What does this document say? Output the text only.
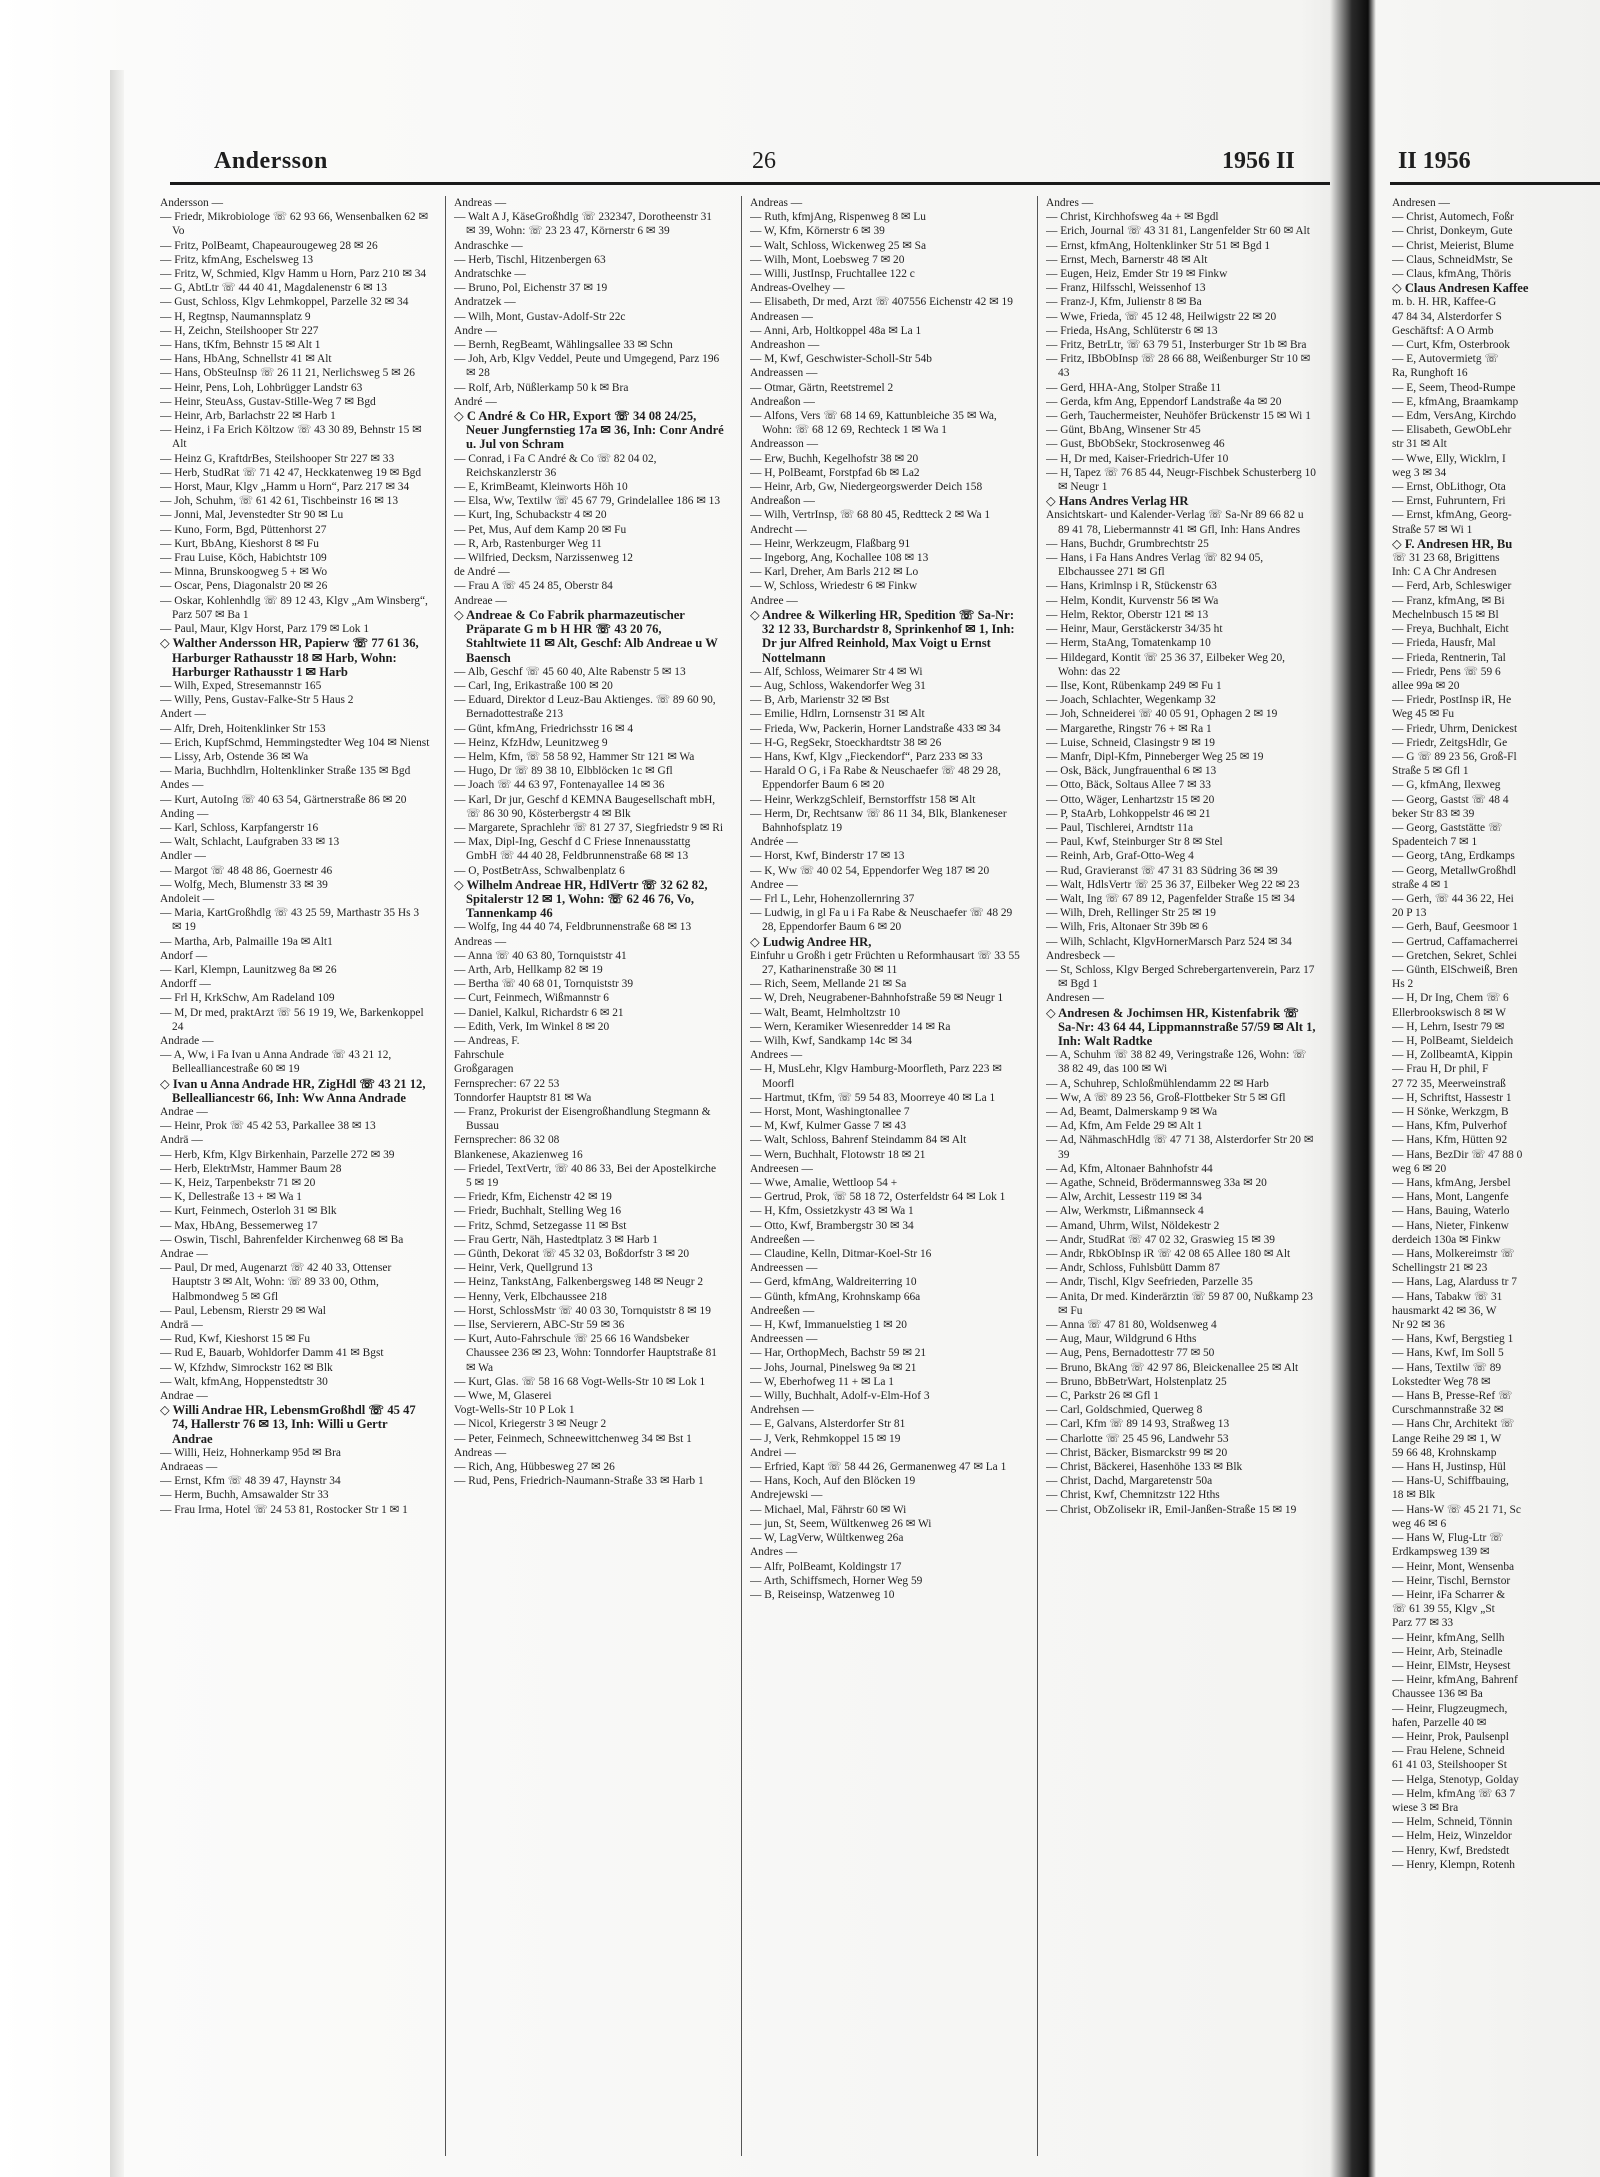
Andersson	26	1956 II

Andersson —

— Friedr, Mikrobiologe ☏ 62 93 66, Wensenbalken 62 ✉ Vo

— Fritz, PolBeamt, Chapeaurougeweg 28 ✉ 26

— Fritz, kfmAng, Eschelsweg 13

— Fritz, W, Schmied, Klgv Hamm u Horn, Parz 210 ✉ 34

— G, AbtLtr ☏ 44 40 41, Magdalenenstr 6 ✉ 13

— Gust, Schloss, Klgv Lehmkoppel, Parzelle 32 ✉ 34

— H, Regtnsp, Naumannsplatz 9

— H, Zeichn, Steilshooper Str 227

— Hans, tKfm, Behnstr 15 ✉ Alt 1

— Hans, HbAng, Schnellstr 41 ✉ Alt

— Hans, ObSteuInsp ☏ 26 11 21, Nerlichsweg 5 ✉ 26

— Heinr, Pens, Loh, Lohbrügger Landstr 63

— Heinr, SteuAss, Gustav-Stille-Weg 7 ✉ Bgd

— Heinr, Arb, Barlachstr 22 ✉ Harb 1

— Heinz, i Fa Erich Költzow ☏ 43 30 89, Behnstr 15 ✉ Alt

— Heinz G, KraftdrBes, Steilshooper Str 227 ✉ 33

— Herb, StudRat ☏ 71 42 47, Heckkatenweg 19 ✉ Bgd

— Horst, Maur, Klgv „Hamm u Horn“, Parz 217 ✉ 34

— Joh, Schuhm, ☏ 61 42 61, Tischbeinstr 16 ✉ 13

— Jonni, Mal, Jevenstedter Str 90 ✉ Lu

— Kuno, Form, Bgd, Püttenhorst 27

— Kurt, BbAng, Kieshorst 8 ✉ Fu

— Frau Luise, Köch, Habichtstr 109

— Minna, Brunskoogweg 5 + ✉ Wo

— Oscar, Pens, Diagonalstr 20 ✉ 26

— Oskar, Kohlenhdlg ☏ 89 12 43, Klgv „Am Winsberg“, Parz 507 ✉ Ba 1

— Paul, Maur, Klgv Horst, Parz 179 ✉ Lok 1

◇ Walther Andersson HR, Papierw ☏ 77 61 36, Harburger Rathausstr 18 ✉ Harb, Wohn: Harburger Rathausstr 1 ✉ Harb

— Wilh, Exped, Stresemannstr 165

— Willy, Pens, Gustav-Falke-Str 5 Haus 2

Andert —

— Alfr, Dreh, Hoitenklinker Str 153

— Erich, KupfSchmd, Hemmingstedter Weg 104 ✉ Nienst

— Lissy, Arb, Ostende 36 ✉ Wa

— Maria, Buchhdlrn, Holtenklinker Straße 135 ✉ Bgd

Andes —

— Kurt, AutoIng ☏ 40 63 54, Gärtnerstraße 86 ✉ 20

Anding —

— Karl, Schloss, Karpfangerstr 16

— Walt, Schlacht, Laufgraben 33 ✉ 13

Andler —

— Margot ☏ 48 48 86, Goernestr 46

— Wolfg, Mech, Blumenstr 33 ✉ 39

Andoleit —

— Maria, KartGroßhdlg ☏ 43 25 59, Marthastr 35 Hs 3 ✉ 19

— Martha, Arb, Palmaille 19a ✉ Alt1

Andorf —

— Karl, Klempn, Launitzweg 8a ✉ 26

Andorff —

— Frl H, KrkSchw, Am Radeland 109

— M, Dr med, praktArzt ☏ 56 19 19, We, Barkenkoppel 24

Andrade —

— A, Ww, i Fa Ivan u Anna Andrade ☏ 43 21 12, Bellealliancestraße 60 ✉ 19

◇ Ivan u Anna Andrade HR, ZigHdl ☏ 43 21 12, Bellealliancestr 66, Inh: Ww Anna Andrade

Andrae —

— Heinr, Prok ☏ 45 42 53, Parkallee 38 ✉ 13

Andrä —

— Herb, Kfm, Klgv Birkenhain, Parzelle 272 ✉ 39

— Herb, ElektrMstr, Hammer Baum 28

— K, Heiz, Tarpenbekstr 71 ✉ 20

— K, Dellestraße 13 + ✉ Wa 1

— Kurt, Feinmech, Osterloh 31 ✉ Blk

— Max, HbAng, Bessemerweg 17

— Oswin, Tischl, Bahrenfelder Kirchenweg 68 ✉ Ba

Andrae —

— Paul, Dr med, Augenarzt ☏ 42 40 33, Ottenser Hauptstr 3 ✉ Alt, Wohn: ☏ 89 33 00, Othm, Halbmondweg 5 ✉ Gfl

— Paul, Lebensm, Rierstr 29 ✉ Wal

Andrä —

— Rud, Kwf, Kieshorst 15 ✉ Fu

— Rud E, Bauarb, Wohldorfer Damm 41 ✉ Bgst

— W, Kfzhdw, Simrockstr 162 ✉ Blk

— Walt, kfmAng, Hoppenstedtstr 30

Andrae —

◇ Willi Andrae HR, LebensmGroßhdl ☏ 45 47 74, Hallerstr 76 ✉ 13, Inh: Willi u Gertr Andrae

— Willi, Heiz, Hohnerkamp 95d ✉ Bra

Andraeas —

— Ernst, Kfm ☏ 48 39 47, Haynstr 34

— Herm, Buchh, Amsawalder Str 33

— Frau Irma, Hotel ☏ 24 53 81, Rostocker Str 1 ✉ 1

Andreas —

— Walt A J, KäseGroßhdlg ☏ 232347, Dorotheenstr 31 ✉ 39, Wohn: ☏ 23 23 47, Körnerstr 6 ✉ 39

Andraschke —

— Herb, Tischl, Hitzenbergen 63

Andratschke —

— Bruno, Pol, Eichenstr 37 ✉ 19

Andratzek —

— Wilh, Mont, Gustav-Adolf-Str 22c

Andre —

— Bernh, RegBeamt, Wählingsallee 33 ✉ Schn

— Joh, Arb, Klgv Veddel, Peute und Umgegend, Parz 196 ✉ 28

— Rolf, Arb, Nüßlerkamp 50 k ✉ Bra

André —

◇ C André & Co HR, Export ☏ 34 08 24/25, Neuer Jungfernstieg 17a ✉ 36, Inh: Conr André u. Jul von Schram

— Conrad, i Fa C André & Co ☏ 82 04 02, Reichskanzlerstr 36

— E, KrimBeamt, Kleinworts Höh 10

— Elsa, Ww, Textilw ☏ 45 67 79, Grindelallee 186 ✉ 13

— Kurt, Ing, Schubackstr 4 ✉ 20

— Pet, Mus, Auf dem Kamp 20 ✉ Fu

— R, Arb, Rastenburger Weg 11

— Wilfried, Decksm, Narzissenweg 12

de André —

— Frau A ☏ 45 24 85, Oberstr 84

Andreae —

◇ Andreae & Co Fabrik pharmazeutischer Präparate G m b H HR ☏ 43 20 76, Stahltwiete 11 ✉ Alt, Geschf: Alb Andreae u W Baensch

— Alb, Geschf ☏ 45 60 40, Alte Rabenstr 5 ✉ 13

— Carl, Ing, Erikastraße 100 ✉ 20

— Eduard, Direktor d Leuz-Bau Aktienges. ☏ 89 60 90, Bernadottestraße 213

— Günt, kfmAng, Friedrichsstr 16 ✉ 4

— Heinz, KfzHdw, Leunitzweg 9

— Helm, Kfm, ☏ 58 58 92, Hammer Str 121 ✉ Wa

— Hugo, Dr ☏ 89 38 10, Elbblöcken 1c ✉ Gfl

— Joach ☏ 44 63 97, Fontenayallee 14 ✉ 36

— Karl, Dr jur, Geschf d KEMNA Baugesellschaft mbH, ☏ 86 30 90, Kösterbergstr 4 ✉ Blk

— Margarete, Sprachlehr ☏ 81 27 37, Siegfriedstr 9 ✉ Ri

— Max, Dipl-Ing, Geschf d C Friese Innenausstattg GmbH ☏ 44 40 28, Feldbrunnenstraße 68 ✉ 13

— O, PostBetrAss, Schwalbenplatz 6

◇ Wilhelm Andreae HR, HdlVertr ☏ 32 62 82, Spitalerstr 12 ✉ 1, Wohn: ☏ 62 46 76, Vo, Tannenkamp 46

— Wolfg, Ing 44 40 74, Feldbrunnenstraße 68 ✉ 13

Andreas —

— Anna ☏ 40 63 80, Tornquiststr 41

— Arth, Arb, Hellkamp 82 ✉ 19

— Bertha ☏ 40 68 01, Tornquiststr 39

— Curt, Feinmech, Wißmannstr 6

— Daniel, Kalkul, Richardstr 6 ✉ 21

— Edith, Verk, Im Winkel 8 ✉ 20

— Andreas, F.

Fahrschule

Großgaragen

Fernsprecher: 67 22 53

Tonndorfer Hauptstr 81 ✉ Wa

— Franz, Prokurist der Eisengroßhandlung Stegmann & Bussau

Fernsprecher: 86 32 08

Blankenese, Akazienweg 16

— Friedel, TextVertr, ☏ 40 86 33, Bei der Apostelkirche 5 ✉ 19

— Friedr, Kfm, Eichenstr 42 ✉ 19

— Friedr, Buchhalt, Stelling Weg 16

— Fritz, Schmd, Setzegasse 11 ✉ Bst

— Frau Gertr, Näh, Hastedtplatz 3 ✉ Harb 1

— Günth, Dekorat ☏ 45 32 03, Boßdorfstr 3 ✉ 20

— Heinr, Verk, Quellgrund 13

— Heinz, TankstAng, Falkenbergsweg 148 ✉ Neugr 2

— Henny, Verk, Elbchaussee 218

— Horst, SchlossMstr ☏ 40 03 30, Tornquiststr 8 ✉ 19

— Ilse, Servierern, ABC-Str 59 ✉ 36

— Kurt, Auto-Fahrschule ☏ 25 66 16 Wandsbeker Chaussee 236 ✉ 23, Wohn: Tonndorfer Hauptstraße 81 ✉ Wa

— Kurt, Glas. ☏ 58 16 68 Vogt-Wells-Str 10 ✉ Lok 1

— Wwe, M, Glaserei

Vogt-Wells-Str 10 P Lok 1

— Nicol, Kriegerstr 3 ✉ Neugr 2

— Peter, Feinmech, Schneewittchenweg 34 ✉ Bst 1

Andreas —

— Rich, Ang, Hübbesweg 27 ✉ 26

— Rud, Pens, Friedrich-Naumann-Straße 33 ✉ Harb 1

Andreas —

— Ruth, kfmjAng, Rispenweg 8 ✉ Lu

— W, Kfm, Körnerstr 6 ✉ 39

— Walt, Schloss, Wickenweg 25 ✉ Sa

— Wilh, Mont, Loebsweg 7 ✉ 20

— Willi, JustInsp, Fruchtallee 122 c

Andreas-Ovelhey —

— Elisabeth, Dr med, Arzt ☏ 407556 Eichenstr 42 ✉ 19

Andreasen —

— Anni, Arb, Holtkoppel 48a ✉ La 1

Andreashon —

— M, Kwf, Geschwister-Scholl-Str 54b

Andreassen —

— Otmar, Gärtn, Reetstremel 2

Andreaßon —

— Alfons, Vers ☏ 68 14 69, Kattunbleiche 35 ✉ Wa, Wohn: ☏ 68 12 69, Rechteck 1 ✉ Wa 1

Andreasson —

— Erw, Buchh, Kegelhofstr 38 ✉ 20

— H, PolBeamt, Forstpfad 6b ✉ La2

— Heinr, Arb, Gw, Niedergeorgswerder Deich 158

Andreaßon —

— Wilh, VertrInsp, ☏ 68 80 45, Redtteck 2 ✉ Wa 1

Andrecht —

— Heinr, Werkzeugm, Flaßbarg 91

— Ingeborg, Ang, Kochallee 108 ✉ 13

— Karl, Dreher, Am Barls 212 ✉ Lo

— W, Schloss, Wriedestr 6 ✉ Finkw

Andree —

◇ Andree & Wilkerling HR, Spedition ☏ Sa-Nr: 32 12 33, Burchardstr 8, Sprinkenhof ✉ 1, Inh: Dr jur Alfred Reinhold, Max Voigt u Ernst Nottelmann

— Alf, Schloss, Weimarer Str 4 ✉ Wi

— Aug, Schloss, Wakendorfer Weg 31

— B, Arb, Marienstr 32 ✉ Bst

— Emilie, Hdlrn, Lornsenstr 31 ✉ Alt

— Frieda, Ww, Packerin, Horner Landstraße 433 ✉ 34

— H-G, RegSekr, Stoeckhardtstr 38 ✉ 26

— Hans, Kwf, Klgv „Fieckendorf“, Parz 233 ✉ 33

— Harald O G, i Fa Rabe & Neuschaefer ☏ 48 29 28, Eppendorfer Baum 6 ✉ 20

— Heinr, WerkzgSchleif, Bernstorffstr 158 ✉ Alt

— Herm, Dr, Rechtsanw ☏ 86 11 34, Blk, Blankeneser Bahnhofsplatz 19

Andrée —

— Horst, Kwf, Binderstr 17 ✉ 13

— K, Ww ☏ 40 02 54, Eppendorfer Weg 187 ✉ 20

Andree —

— Frl L, Lehr, Hohenzollernring 37

— Ludwig, in gl Fa u i Fa Rabe & Neuschaefer ☏ 48 29 28, Eppendorfer Baum 6 ✉ 20

◇ Ludwig Andree HR,

Einfuhr u Großh i getr Früchten u Reformhausart ☏ 33 55 27, Katharinenstraße 30 ✉ 11

— Rich, Seem, Mellande 21 ✉ Sa

— W, Dreh, Neugrabener-Bahnhofstraße 59 ✉ Neugr 1

— Walt, Beamt, Helmholtzstr 10

— Wern, Keramiker Wiesenredder 14 ✉ Ra

— Wilh, Kwf, Sandkamp 14c ✉ 34

Andrees —

— H, MusLehr, Klgv Hamburg-Moorfleth, Parz 223 ✉ Moorfl

— Hartmut, tKfm, ☏ 59 54 83, Moorreye 40 ✉ La 1

— Horst, Mont, Washingtonallee 7

— M, Kwf, Kulmer Gasse 7 ✉ 43

— Walt, Schloss, Bahrenf Steindamm 84 ✉ Alt

— Wern, Buchhalt, Flotowstr 18 ✉ 21

Andreesen —

— Wwe, Amalie, Wettloop 54 +

— Gertrud, Prok, ☏ 58 18 72, Osterfeldstr 64 ✉ Lok 1

— H, Kfm, Ossietzkystr 43 ✉ Wa 1

— Otto, Kwf, Brambergstr 30 ✉ 34

Andreeßen —

— Claudine, Kelln, Ditmar-Koel-Str 16

Andreessen —

— Gerd, kfmAng, Waldreiterring 10

— Günth, kfmAng, Krohnskamp 66a

Andreeßen —

— H, Kwf, Immanuelstieg 1 ✉ 20

Andreessen —

— Har, OrthopMech, Bachstr 59 ✉ 21

— Johs, Journal, Pinelsweg 9a ✉ 21

— W, Eberhofweg 11 + ✉ La 1

— Willy, Buchhalt, Adolf-v-Elm-Hof 3

Andrehsen —

— E, Galvans, Alsterdorfer Str 81

— J, Verk, Rehmkoppel 15 ✉ 19

Andrei —

— Erfried, Kapt ☏ 58 44 26, Germanenweg 47 ✉ La 1

— Hans, Koch, Auf den Blöcken 19

Andrejewski —

— Michael, Mal, Fährstr 60 ✉ Wi

— jun, St, Seem, Wültkenweg 26 ✉ Wi

— W, LagVerw, Wültkenweg 26a

Andres —

— Alfr, PolBeamt, Koldingstr 17

— Arth, Schiffsmech, Horner Weg 59

— B, Reiseinsp, Watzenweg 10

Andres —

— Christ, Kirchhofsweg 4a + ✉ Bgdl

— Erich, Journal ☏ 43 31 81, Langenfelder Str 60 ✉ Alt

— Ernst, kfmAng, Holtenklinker Str 51 ✉ Bgd 1

— Ernst, Mech, Barnerstr 48 ✉ Alt

— Eugen, Heiz, Emder Str 19 ✉ Finkw

— Franz, Hilfsschl, Weissenhof 13

— Franz-J, Kfm, Julienstr 8 ✉ Ba

— Wwe, Frieda, ☏ 45 12 48, Heilwigstr 22 ✉ 20

— Frieda, HsAng, Schlüterstr 6 ✉ 13

— Fritz, BetrLtr, ☏ 63 79 51, Insterburger Str 1b ✉ Bra

— Fritz, IBbObInsp ☏ 28 66 88, Weißenburger Str 10 ✉ 43

— Gerd, HHA-Ang, Stolper Straße 11

— Gerda, kfm Ang, Eppendorf Landstraße 4a ✉ 20

— Gerh, Tauchermeister, Neuhöfer Brückenstr 15 ✉ Wi 1

— Günt, BbAng, Winsener Str 45

— Gust, BbObSekr, Stockrosenweg 46

— H, Dr med, Kaiser-Friedrich-Ufer 10

— H, Tapez ☏ 76 85 44, Neugr-Fischbek Schusterberg 10 ✉ Neugr 1

◇ Hans Andres Verlag HR

Ansichtskart- und Kalender-Verlag ☏ Sa-Nr 89 66 82 u 89 41 78, Liebermannstr 41 ✉ Gfl, Inh: Hans Andres

— Hans, Buchdr, Grumbrechtstr 25

— Hans, i Fa Hans Andres Verlag ☏ 82 94 05, Elbchaussee 271 ✉ Gfl

— Hans, Krimlnsp i R, Stückenstr 63

— Helm, Kondit, Kurvenstr 56 ✉ Wa

— Helm, Rektor, Oberstr 121 ✉ 13

— Heinr, Maur, Gerstäckerstr 34/35 ht

— Herm, StaAng, Tomatenkamp 10

— Hildegard, Kontit ☏ 25 36 37, Eilbeker Weg 20, Wohn: das 22

— Ilse, Kont, Rübenkamp 249 ✉ Fu 1

— Joach, Schlachter, Wegenkamp 32

— Joh, Schneiderei ☏ 40 05 91, Ophagen 2 ✉ 19

— Margarethe, Ringstr 76 + ✉ Ra 1

— Luise, Schneid, Clasingstr 9 ✉ 19

— Manfr, Dipl-Kfm, Pinneberger Weg 25 ✉ 19

— Osk, Bäck, Jungfrauenthal 6 ✉ 13

— Otto, Bäck, Soltaus Allee 7 ✉ 33

— Otto, Wäger, Lenhartzstr 15 ✉ 20

— P, StaArb, Lohkoppelstr 46 ✉ 21

— Paul, Tischlerei, Arndtstr 11a

— Paul, Kwf, Steinburger Str 8 ✉ Stel

— Reinh, Arb, Graf-Otto-Weg 4

— Rud, Gravieranst ☏ 47 31 83 Südring 36 ✉ 39

— Walt, HdlsVertr ☏ 25 36 37, Eilbeker Weg 22 ✉ 23

— Walt, Ing ☏ 67 89 12, Pagenfelder Straße 15 ✉ 34

— Wilh, Dreh, Rellinger Str 25 ✉ 19

— Wilh, Fris, Altonaer Str 39b ✉ 6

— Wilh, Schlacht, KlgvHornerMarsch Parz 524 ✉ 34

Andresbeck —

— St, Schloss, Klgv Berged Schrebergartenverein, Parz 17 ✉ Bgd 1

Andresen —

◇ Andresen & Jochimsen HR, Kistenfabrik ☏ Sa-Nr: 43 64 44, Lippmannstraße 57/59 ✉ Alt 1, Inh: Walt Radtke

— A, Schuhm ☏ 38 82 49, Veringstraße 126, Wohn: ☏ 38 82 49, das 100 ✉ Wi

— A, Schuhrep, Schloßmühlendamm 22 ✉ Harb

— Ww, A ☏ 89 23 56, Groß-Flottbeker Str 5 ✉ Gfl

— Ad, Beamt, Dalmerskamp 9 ✉ Wa

— Ad, Kfm, Am Felde 29 ✉ Alt 1

— Ad, NähmaschHdlg ☏ 47 71 38, Alsterdorfer Str 20 ✉ 39

— Ad, Kfm, Altonaer Bahnhofstr 44

— Agathe, Schneid, Brödermannsweg 33a ✉ 20

— Alw, Archit, Lessestr 119 ✉ 34

— Alw, Werkmstr, Lißmannseck 4

— Amand, Uhrm, Wilst, Nöldekestr 2

— Andr, StudRat ☏ 47 02 32, Graswieg 15 ✉ 39

— Andr, RbkObInsp iR ☏ 42 08 65 Allee 180 ✉ Alt

— Andr, Schloss, Fuhlsbütt Damm 87

— Andr, Tischl, Klgv Seefrieden, Parzelle 35

— Anita, Dr med. Kinderärztin ☏ 59 87 00, Nußkamp 23 ✉ Fu

— Anna ☏ 47 81 80, Woldsenweg 4

— Aug, Maur, Wildgrund 6 Hths

— Aug, Pens, Bernadottestr 77 ✉ 50

— Bruno, BkAng ☏ 42 97 86, Bleickenallee 25 ✉ Alt

— Bruno, BbBetrWart, Holstenplatz 25

— C, Parkstr 26 ✉ Gfl 1

— Carl, Goldschmied, Querweg 8

— Carl, Kfm ☏ 89 14 93, Straßweg 13

— Charlotte ☏ 25 45 96, Landwehr 53

— Christ, Bäcker, Bismarckstr 99 ✉ 20

— Christ, Bäckerei, Hasenhöhe 133 ✉ Blk

— Christ, Dachd, Margaretenstr 50a

— Christ, Kwf, Chemnitzstr 122 Hths

— Christ, ObZolisekr iR, Emil-Janßen-Straße 15 ✉ 19

II 1956

Andresen —

— Christ, Automech, Foßr

— Christ, Donkeym, Gute

— Christ, Meierist, Blume

— Claus, SchneidMstr, Se

— Claus, kfmAng, Thöris

◇ Claus Andresen Kaffee

m. b. H. HR, Kaffee-G

47 84 34, Alsterdorfer S

Geschäftsf: A O Armb

— Curt, Kfm, Osterbrook

— E, Autovermietg ☏

Ra, Runghoft 16

— E, Seem, Theod-Rumpe

— E, kfmAng, Braamkamp

— Edm, VersAng, Kirchdo

— Elisabeth, GewObLehr

str 31 ✉ Alt

— Wwe, Elly, Wicklrn, I

weg 3 ✉ 34

— Ernst, ObLithogr, Ota

— Ernst, Fuhruntern, Fri

— Ernst, kfmAng, Georg-

Straße 57 ✉ Wi 1

◇ F. Andresen HR, Bu

☏ 31 23 68, Brigittens

Inh: C A Chr Andresen

— Ferd, Arb, Schleswiger

— Franz, kfmAng, ✉ Bi

Mechelnbusch 15 ✉ Bl

— Freya, Buchhalt, Eicht

— Frieda, Hausfr, Mal

— Frieda, Rentnerin, Tal

— Friedr, Pens ☏ 59 6

allee 99a ✉ 20

— Friedr, PostInsp iR, He

Weg 45 ✉ Fu

— Friedr, Uhrm, Denickest

— Friedr, ZeitgsHdlr, Ge

— G ☏ 89 23 56, Groß-Fl

Straße 5 ✉ Gfl 1

— G, kfmAng, Ilexweg

— Georg, Gastst ☏ 48 4

beker Str 83 ✉ 39

— Georg, Gaststätte ☏

Spadenteich 7 ✉ 1

— Georg, tAng, Erdkamps

— Georg, MetallwGroßhdl

straße 4 ✉ 1

— Gerh, ☏ 44 36 22, Hei

20 P 13

— Gerh, Bauf, Geesmoor 1

— Gertrud, Caffamacherrei

— Gretchen, Sekret, Schlei

— Günth, ElSchweiß, Bren

Hs 2

— H, Dr Ing, Chem ☏ 6

Ellerbrookswisch 8 ✉ W

— H, Lehrn, Isestr 79 ✉

— H, PolBeamt, Sieldeich

— H, ZollbeamtA, Kippin

— Frau H, Dr phil, F

27 72 35, Meerweinstraß

— H, Schriftst, Hassestr 1

— H Sönke, Werkzgm, B

— Hans, Kfm, Pulverhof

— Hans, Kfm, Hütten 92

— Hans, BezDir ☏ 47 88 0

weg 6 ✉ 20

— Hans, kfmAng, Jersbel

— Hans, Mont, Langenfe

— Hans, Bauing, Waterlo

— Hans, Nieter, Finkenw

derdeich 130a ✉ Finkw

— Hans, Molkereimstr ☏

Schellingstr 21 ✉ 23

— Hans, Lag, Alarduss tr 7

— Hans, Tabakw ☏ 31

hausmarkt 42 ✉ 36, W

Nr 92 ✉ 36

— Hans, Kwf, Bergstieg 1

— Hans, Kwf, Im Soll 5

— Hans, Textilw ☏ 89

Lokstedter Weg 78 ✉

— Hans B, Presse-Ref ☏

Curschmannstraße 32 ✉

— Hans Chr, Architekt ☏

Lange Reihe 29 ✉ 1, W

59 66 48, Krohnskamp

— Hans H, Justinsp, Hül

— Hans-U, Schiffbauing,

18 ✉ Blk

— Hans-W ☏ 45 21 71, Sc

weg 46 ✉ 6

— Hans W, Flug-Ltr ☏

Erdkampsweg 139 ✉

— Heinr, Mont, Wensenba

— Heinr, Tischl, Bernstor

— Heinr, iFa Scharrer &

☏ 61 39 55, Klgv „St

Parz 77 ✉ 33

— Heinr, kfmAng, Sellh

— Heinr, Arb, Steinadle

— Heinr, ElMstr, Heysest

— Heinr, kfmAng, Bahrenf

Chaussee 136 ✉ Ba

— Heinr, Flugzeugmech,

hafen, Parzelle 40 ✉

— Heinr, Prok, Paulsenpl

— Frau Helene, Schneid

61 41 03, Steilshooper St

— Helga, Stenotyp, Golday

— Helm, kfmAng ☏ 63 7

wiese 3 ✉ Bra

— Helm, Schneid, Tönnin

— Helm, Heiz, Winzeldor

— Henry, Kwf, Bredstedt

— Henry, Klempn, Rotenh
